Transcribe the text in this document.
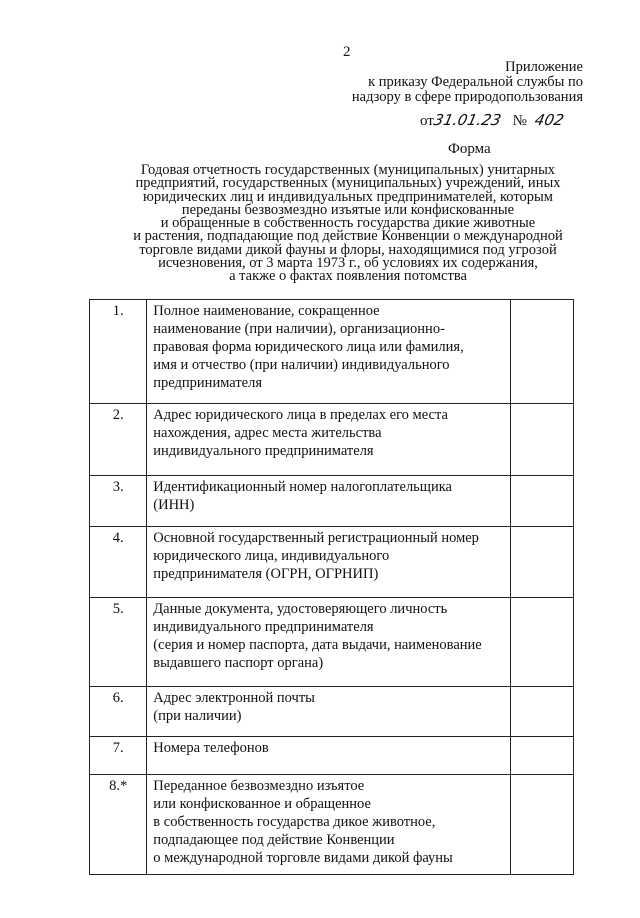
2
Приложение
к приказу Федеральной службы по
надзору в сфере природопользования
от31.01.23 № 402
Форма
Годовая отчетность государственных (муниципальных) унитарных
предприятий, государственных (муниципальных) учреждений, иных
юридических лиц и индивидуальных предпринимателей, которым
переданы безвозмездно изъятые или конфискованные
и обращенные в собственность государства дикие животные
и растения, подпадающие под действие Конвенции о международной
торговле видами дикой фауны и флоры, находящимися под угрозой
исчезновения, от 3 марта 1973 г., об условиях их содержания,
а также о фактах появления потомства
1.	Полное наименование, сокращенное
наименование (при наличии), организационно-
правовая форма юридического лица или фамилия,
имя и отчество (при наличии) индивидуального
предпринимателя	

2.	Адрес юридического лица в пределах его места
нахождения, адрес места жительства
индивидуального предпринимателя	

3.	Идентификационный номер налогоплательщика
(ИНН)	

4.	Основной государственный регистрационный номер
юридического лица, индивидуального
предпринимателя (ОГРН, ОГРНИП)	

5.	Данные документа, удостоверяющего личность
индивидуального предпринимателя
(серия и номер паспорта, дата выдачи, наименование
выдавшего паспорт органа)	

6.	Адрес электронной почты
(при наличии)	

7.	Номера телефонов	

8.*	Переданное безвозмездно изъятое
или конфискованное и обращенное
в собственность государства дикое животное,
подпадающее под действие Конвенции
о международной торговле видами дикой фауны	
